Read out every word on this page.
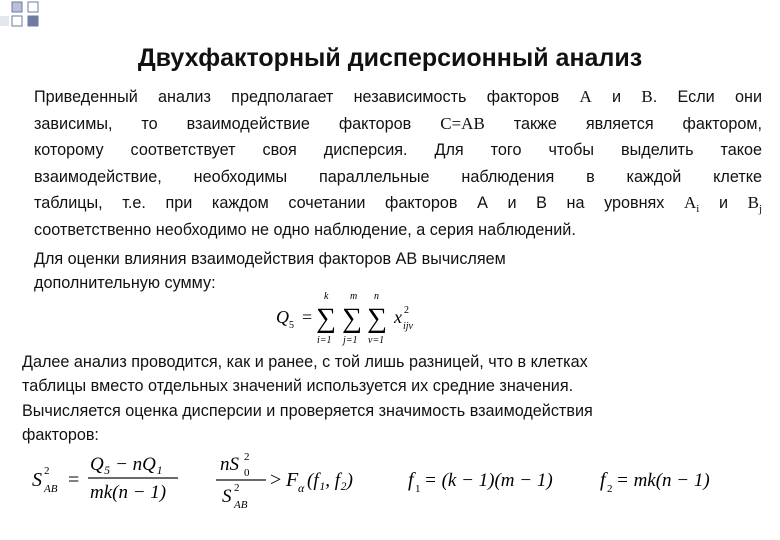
Двухфакторный дисперсионный анализ
Приведенный анализ предполагает независимость факторов A и B. Если они
зависимы, то взаимодействие факторов C=AB также является фактором,
которому соответствует своя дисперсия. Для того чтобы выделить такое
взаимодействие, необходимы параллельные наблюдения в каждой клетке
таблицы, т.е. при каждом сочетании факторов А и В на уровнях $A_i$ и $B_j$
соответственно необходимо не одно наблюдение, а серия наблюдений.
Для оценки влияния взаимодействия факторов АВ вычисляем
дополнительную сумму:
Q 5 =
k
∑
i=1
m
∑
j=1
n
∑
v=1
x 2
ijv
Далее анализ проводится, как и ранее, с той лишь разницей, что в клетках
таблицы вместо отдельных значений используется их средние значения.
Вычисляется оценка дисперсии и проверяется значимость взаимодействия
факторов:
S 2
AB =
Q₅ − nQ₁
mk(n − 1)
nS 2
0
S 2
AB
> F α (f₁, f₂)	f 1 = (k − 1)(m − 1) f 2 = mk(n − 1)
